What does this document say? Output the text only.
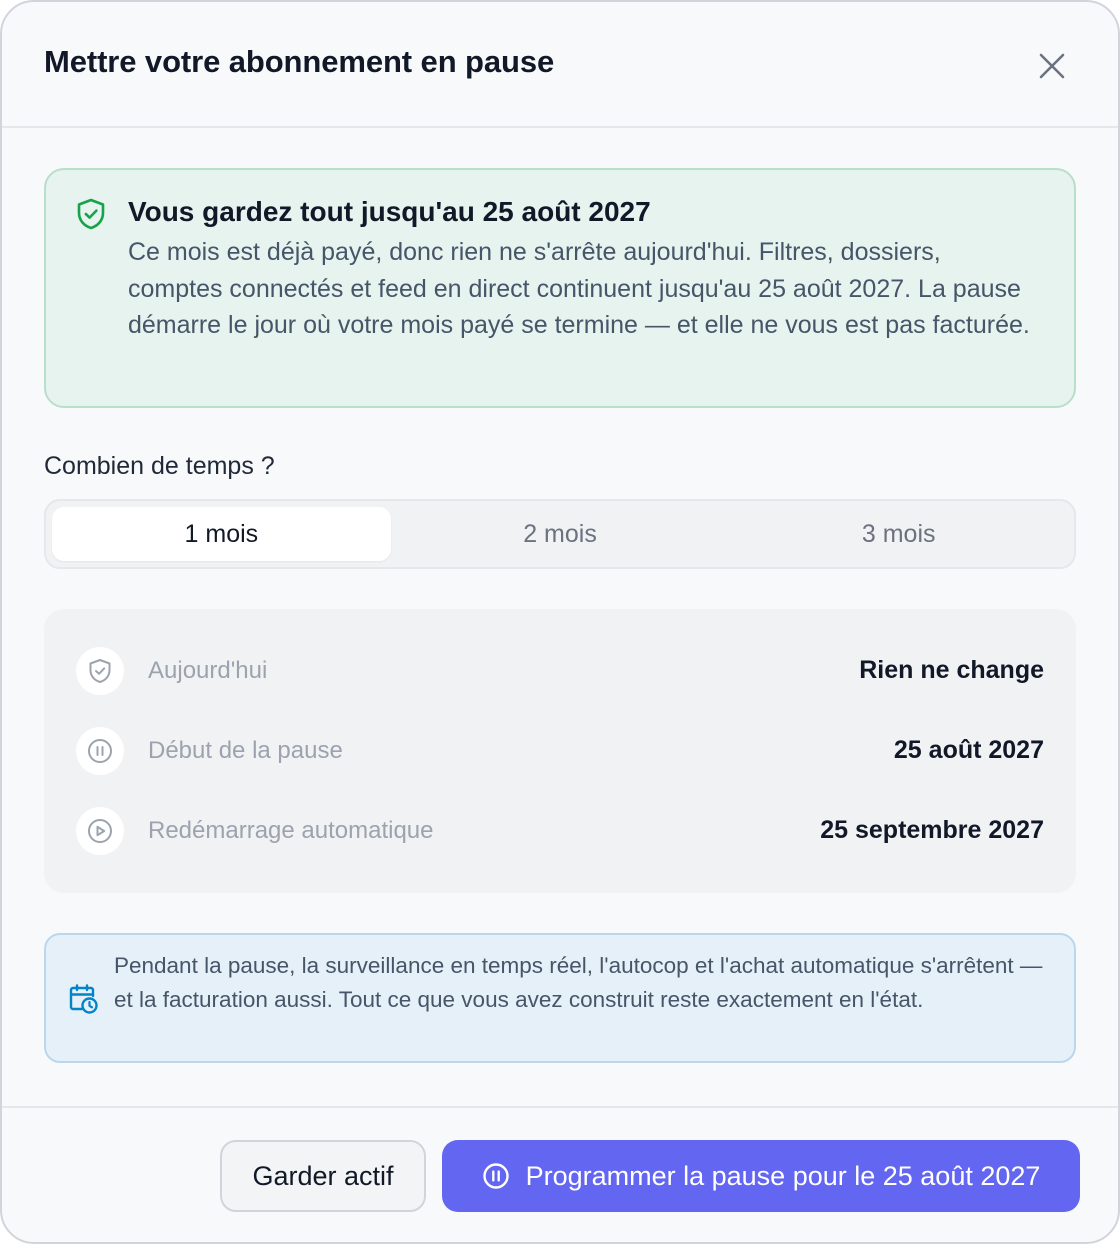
Mettre votre abonnement en pause
Vous gardez tout jusqu'au 25 août 2027
Ce mois est déjà payé, donc rien ne s'arrête aujourd'hui. Filtres, dossiers, comptes connectés et feed en direct continuent jusqu'au 25 août 2027. La pause démarre le jour où votre mois payé se termine — et elle ne vous est pas facturée.
Combien de temps ?
1 mois	2 mois	3 mois
Aujourd'hui	Rien ne change
Début de la pause	25 août 2027
Redémarrage automatique	25 septembre 2027
Pendant la pause, la surveillance en temps réel, l'autocop et l'achat automatique s'arrêtent — et la facturation aussi. Tout ce que vous avez construit reste exactement en l'état.
Garder actif	Programmer la pause pour le 25 août 2027
